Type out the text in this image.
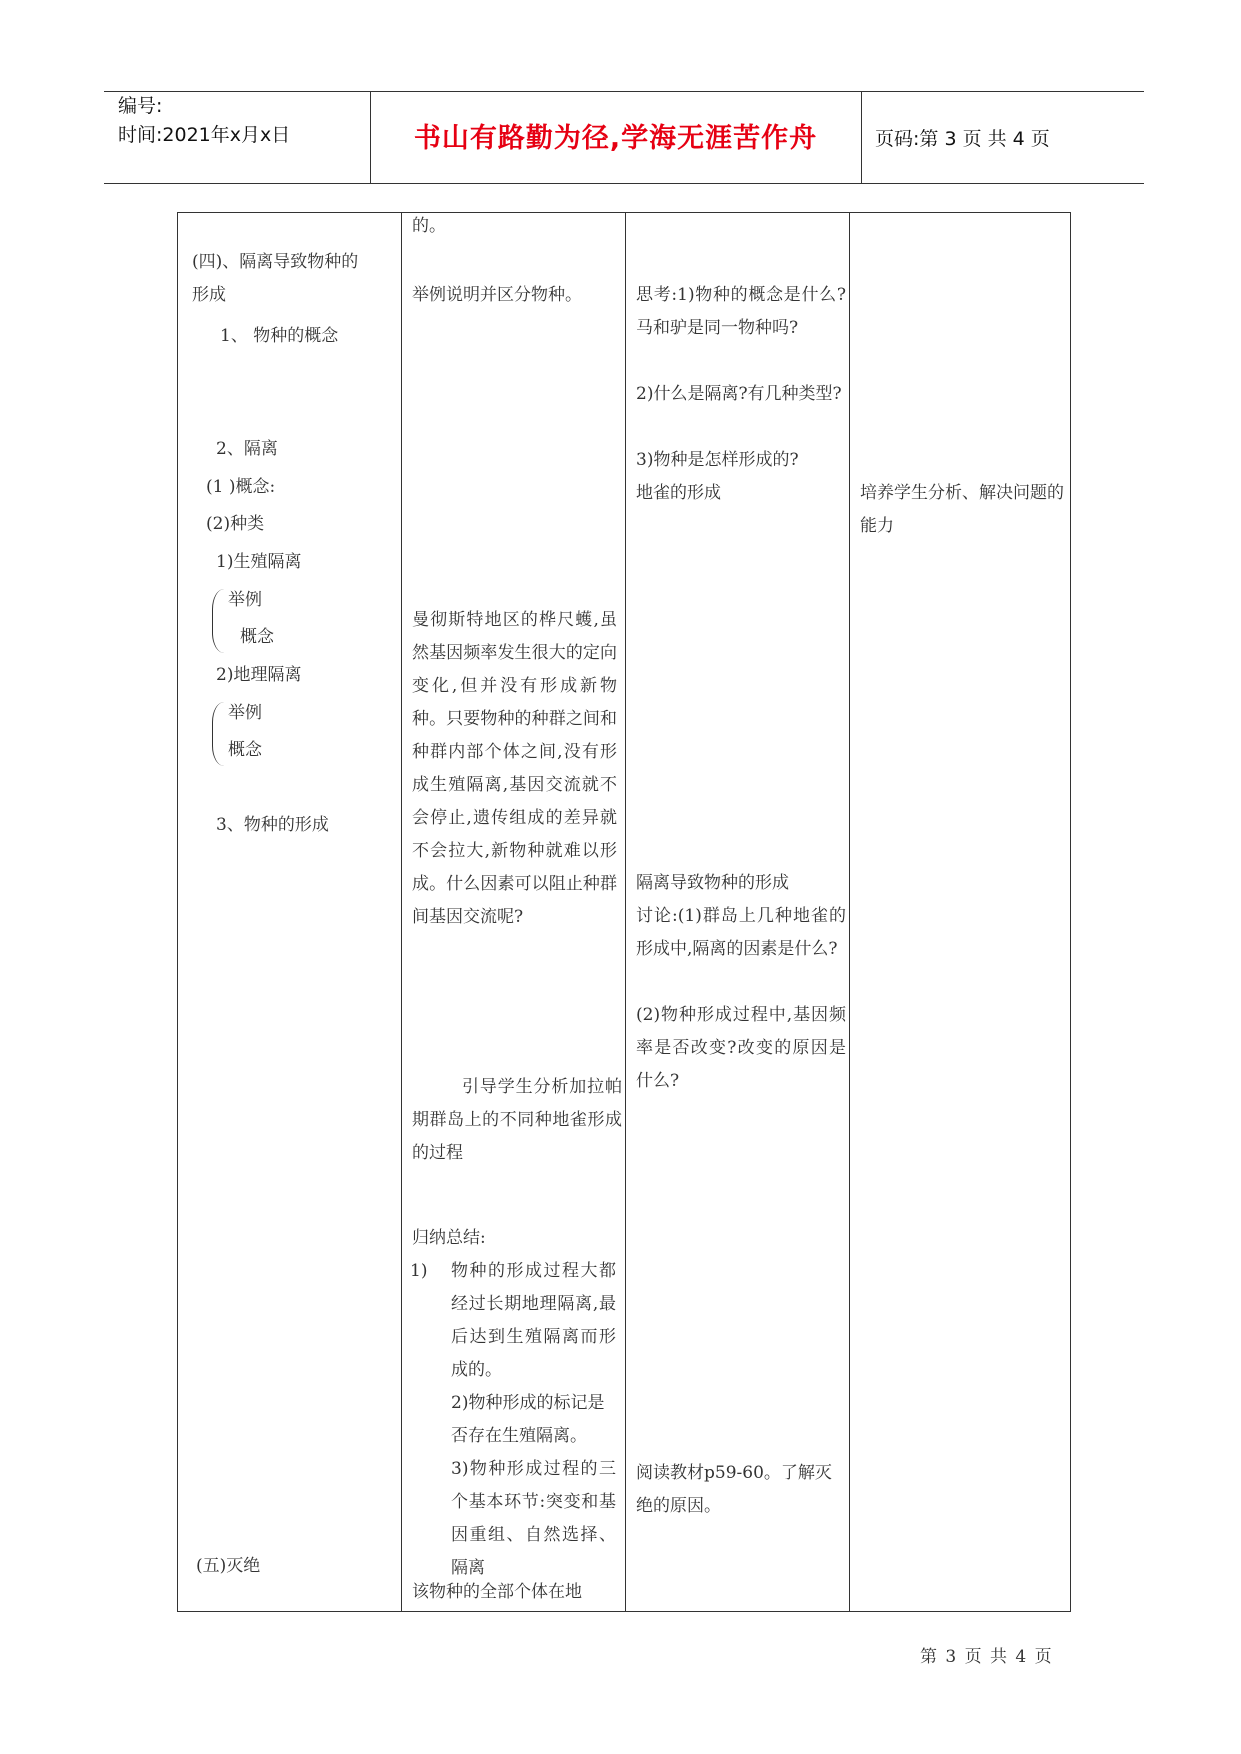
编号:
时间:2021年x月x日	书山有路勤为径,学海无涯苦作舟	页码:第 3 页 共 4 页
(四)、隔离导致物种的
形成
1、 物种的概念
2、隔离
(1 )概念:
(2)种类
1)生殖隔离
举例
概念
2)地理隔离
举例
概念
3、物种的形成
(五)灭绝
的。
举例说明并区分物种。
曼彻斯特地区的桦尺蠖,虽然基因频率发生很大的定向变化,但并没有形成新物种。只要物种的种群之间和种群内部个体之间,没有形成生殖隔离,基因交流就不会停止,遗传组成的差异就不会拉大,新物种就难以形成。什么因素可以阻止种群间基因交流呢?
引导学生分析加拉帕期群岛上的不同种地雀形成的过程
归纳总结:
1) 物种的形成过程大都经过长期地理隔离,最后达到生殖隔离而形成的。
2)物种形成的标记是否存在生殖隔离。
3)物种形成过程的三个基本环节:突变和基因重组、自然选择、隔离
该物种的全部个体在地
思考:1)物种的概念是什么?马和驴是同一物种吗?
2)什么是隔离?有几种类型?
3)物种是怎样形成的?
地雀的形成
隔离导致物种的形成
讨论:(1)群岛上几种地雀的形成中,隔离的因素是什么?
(2)物种形成过程中,基因频率是否改变?改变的原因是什么?
阅读教材p59-60。了解灭绝的原因。
培养学生分析、解决问题的能力
第 3 页 共 4 页
